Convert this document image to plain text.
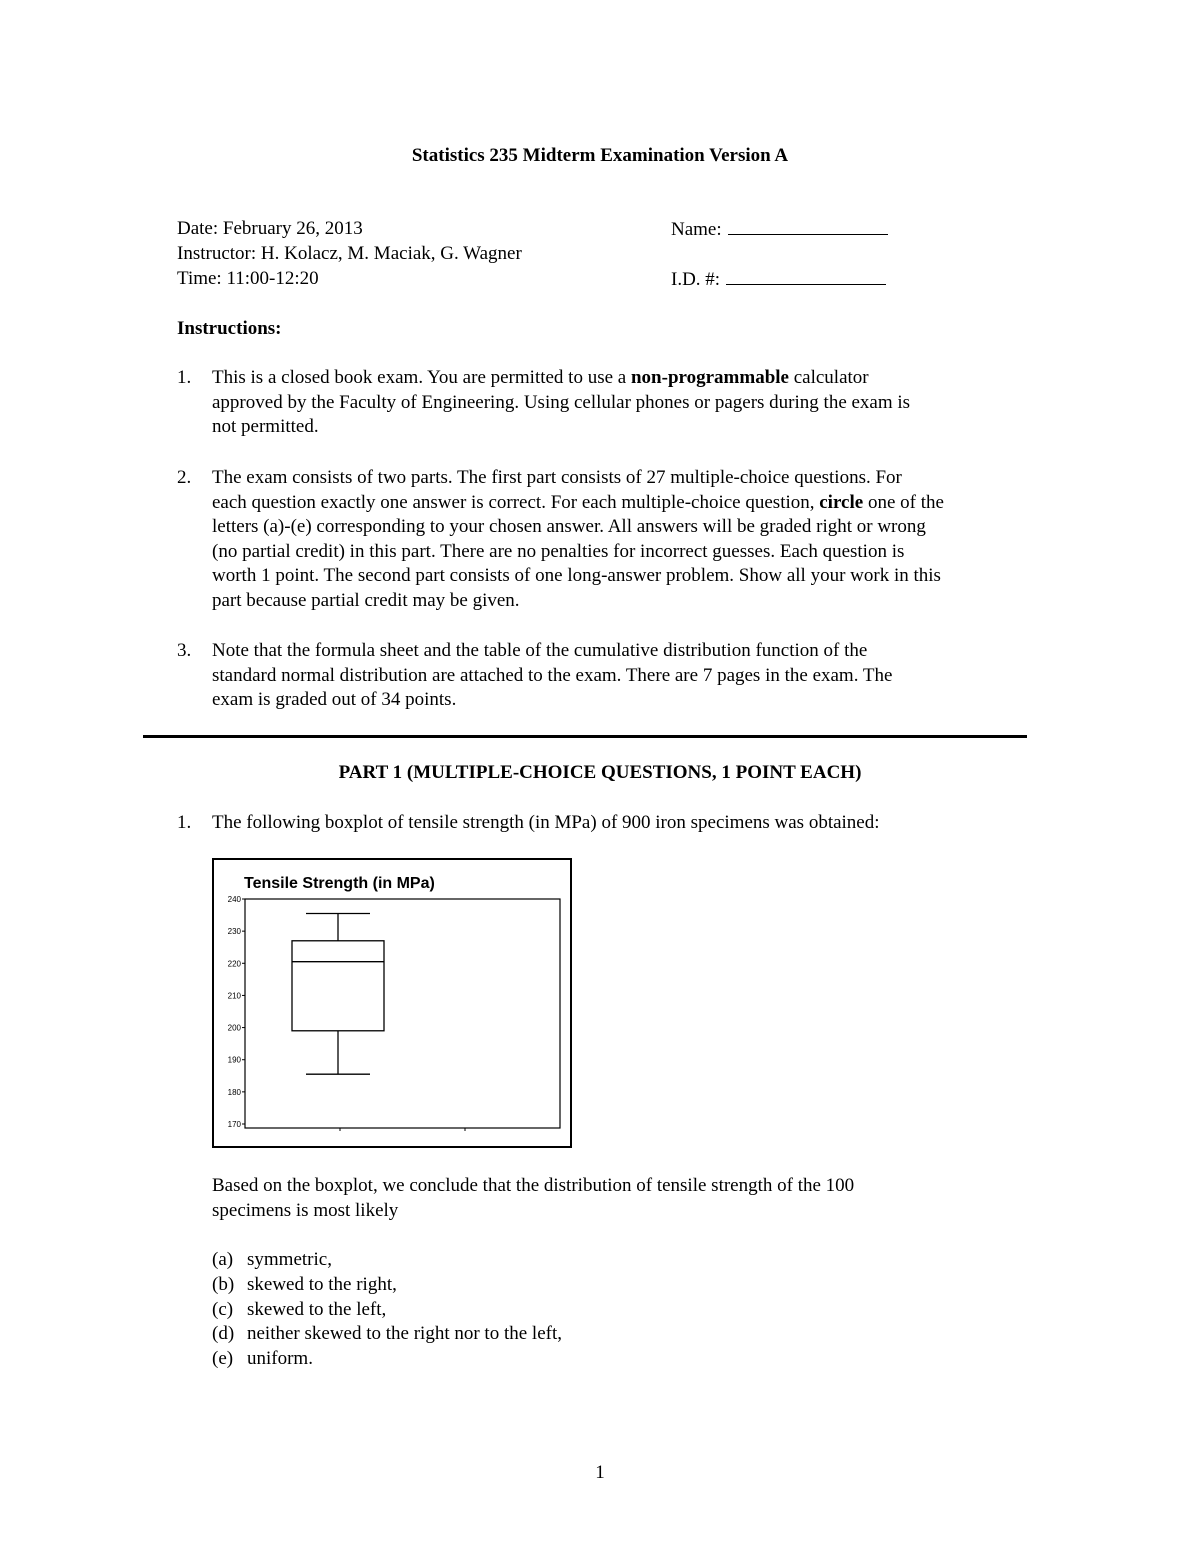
Statistics 235 Midterm Examination Version A
Date: February 26, 2013
Instructor: H. Kolacz, M. Maciak, G. Wagner
Time: 11:00-12:20
Name:
I.D. #:
Instructions:
1.	This is a closed book exam. You are permitted to use a non-programmable calculator
approved by the Faculty of Engineering. Using cellular phones or pagers during the exam is
not permitted.
2.	The exam consists of two parts. The first part consists of 27 multiple-choice questions. For
each question exactly one answer is correct. For each multiple-choice question, circle one of the
letters (a)-(e) corresponding to your chosen answer. All answers will be graded right or wrong
(no partial credit) in this part. There are no penalties for incorrect guesses. Each question is
worth 1 point. The second part consists of one long-answer problem. Show all your work in this
part because partial credit may be given.
3.	Note that the formula sheet and the table of the cumulative distribution function of the
standard normal distribution are attached to the exam. There are 7 pages in the exam. The
exam is graded out of 34 points.
PART 1 (MULTIPLE-CHOICE QUESTIONS, 1 POINT EACH)
1.	The following boxplot of tensile strength (in MPa) of 900 iron specimens was obtained:
Tensile Strength (in MPa)
240
230
220
210
200
190
180
170
Based on the boxplot, we conclude that the distribution of tensile strength of the 100
specimens is most likely
(a) symmetric,
(b) skewed to the right,
(c) skewed to the left,
(d) neither skewed to the right nor to the left,
(e) uniform.
1
